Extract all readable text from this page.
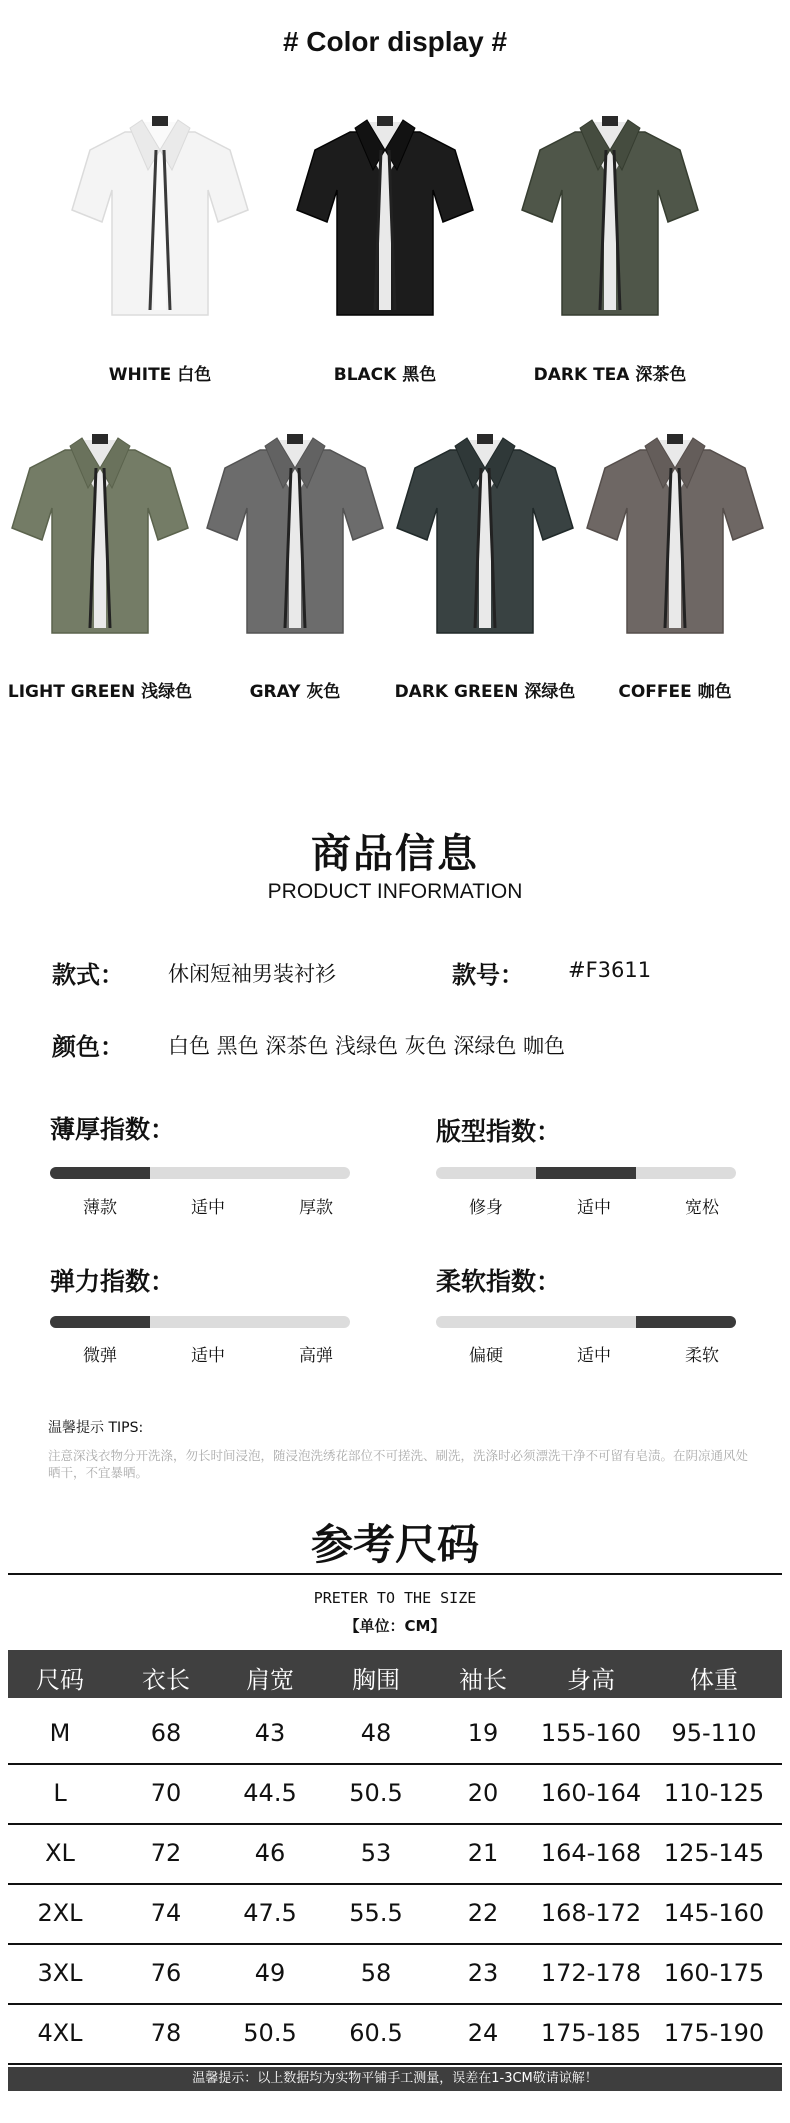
# Color display #
WHITE 白色	BLACK 黑色	DARK TEA 深茶色
LIGHT GREEN 浅绿色	GRAY 灰色	DARK GREEN 深绿色	COFFEE 咖色
商品信息
PRODUCT INFORMATION
款式： 休闲短袖男装衬衫	款号： #F3611
颜色： 白色 黑色 深茶色 浅绿色 灰色 深绿色 咖色
薄厚指数：
薄款	适中	厚款
版型指数：
修身	适中	宽松
弹力指数：
微弹	适中	高弹
柔软指数：
偏硬	适中	柔软
温馨提示 TIPS:
注意深浅衣物分开洗涤，勿长时间浸泡，随浸泡洗绣花部位不可搓洗、刷洗，洗涤时必须漂洗干净不可留有皂渍。在阴凉通风处晒干，不宜暴晒。
参考尺码
PRETER TO THE SIZE
【单位：CM】
尺码	衣长	肩宽	胸围	袖长	身高	体重
M	68	43	48	19	155-160	95-110
L	70	44.5	50.5	20	160-164 110-125
XL	72	46	53	21	164-168 125-145
2XL	74	47.5	55.5	22	168-172 145-160
3XL	76	49	58	23	172-178 160-175
4XL	78	50.5	60.5	24	175-185 175-190
温馨提示：以上数据均为实物平铺手工测量，误差在1-3CM敬请谅解！
